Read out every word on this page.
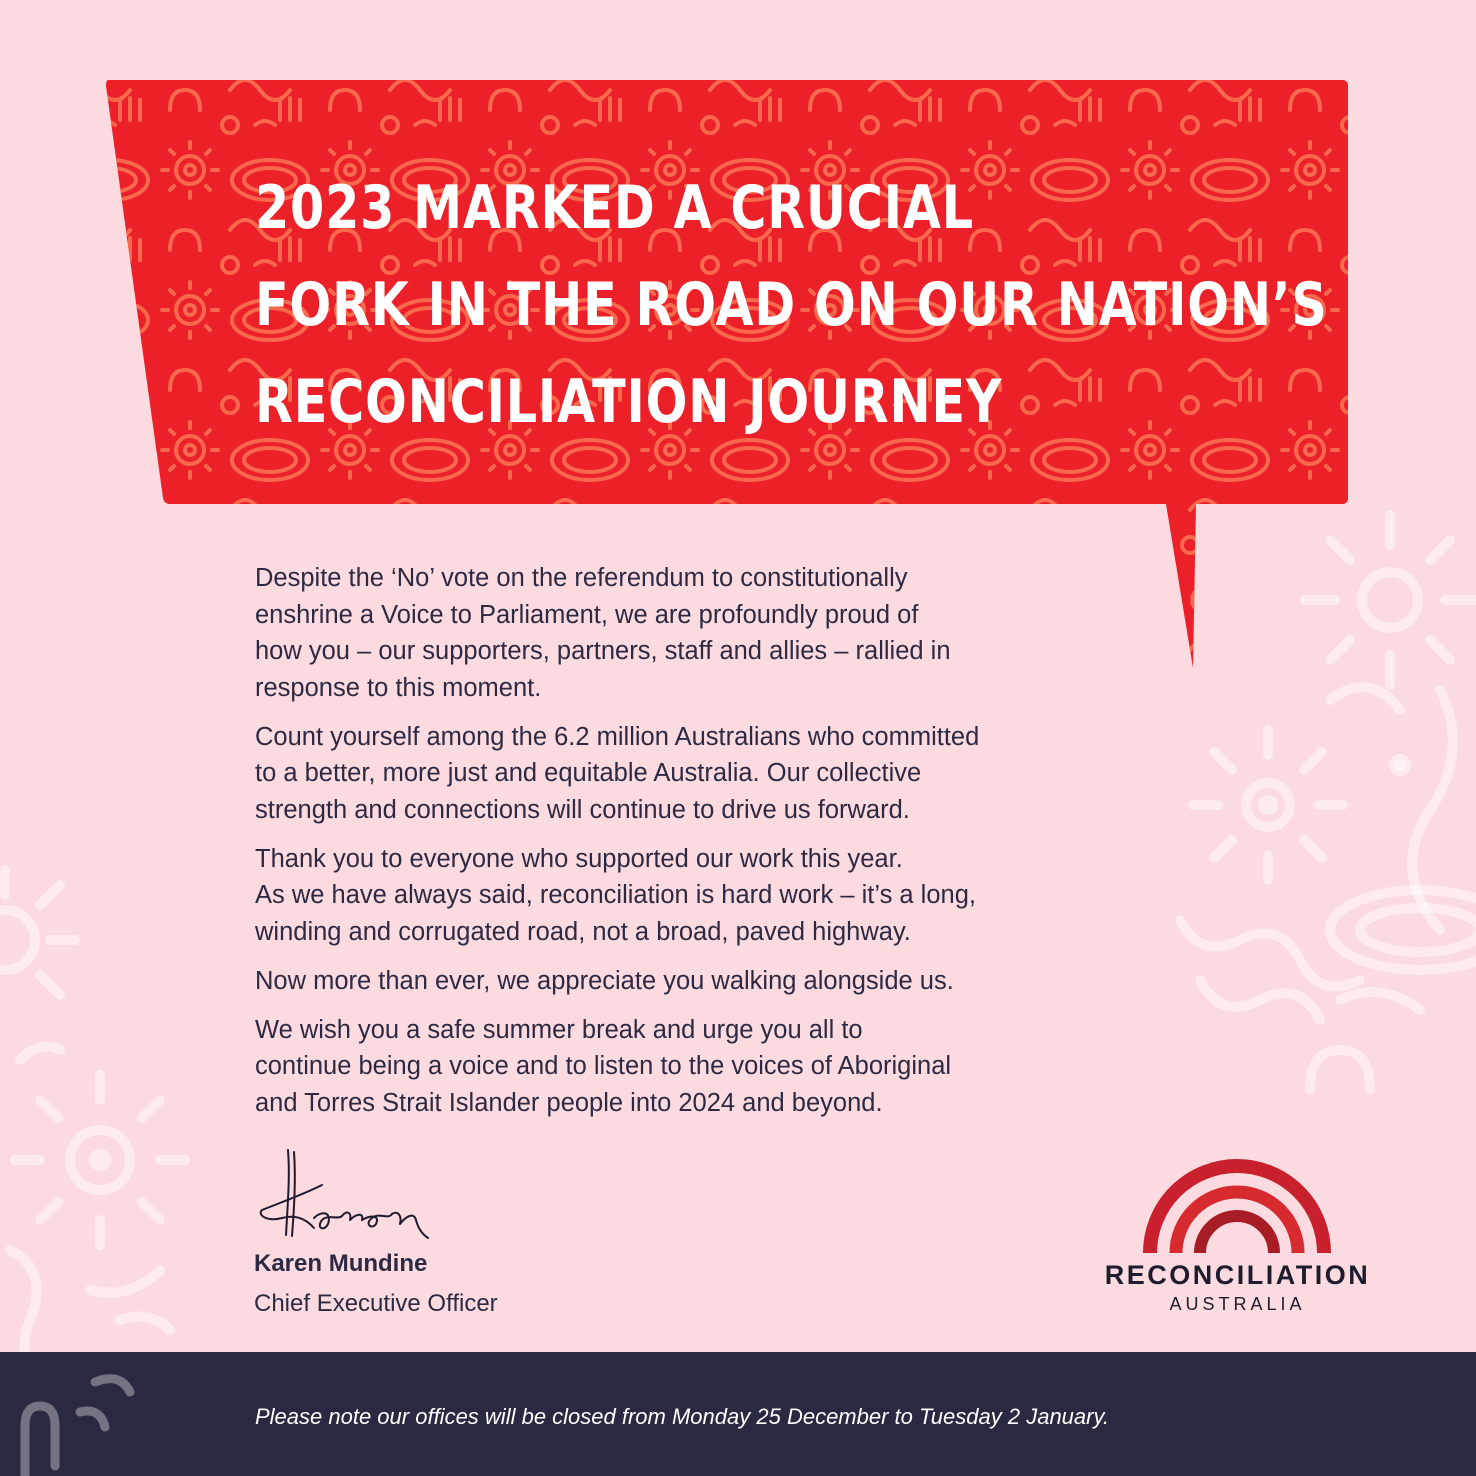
2023 MARKED A CRUCIAL
FORK IN THE ROAD ON OUR NATION’S
RECONCILIATION JOURNEY

Despite the ‘No’ vote on the referendum to constitutionally
enshrine a Voice to Parliament, we are profoundly proud of
how you – our supporters, partners, staff and allies – rallied in
response to this moment.

Count yourself among the 6.2 million Australians who committed
to a better, more just and equitable Australia. Our collective
strength and connections will continue to drive us forward.

Thank you to everyone who supported our work this year.
As we have always said, reconciliation is hard work – it’s a long,
winding and corrugated road, not a broad, paved highway.

Now more than ever, we appreciate you walking alongside us.

We wish you a safe summer break and urge you all to
continue being a voice and to listen to the voices of Aboriginal
and Torres Strait Islander people into 2024 and beyond.

Karen Mundine
Chief Executive Officer
RECONCILIATION
AUSTRALIA
Please note our offices will be closed from Monday 25 December to Tuesday 2 January.
